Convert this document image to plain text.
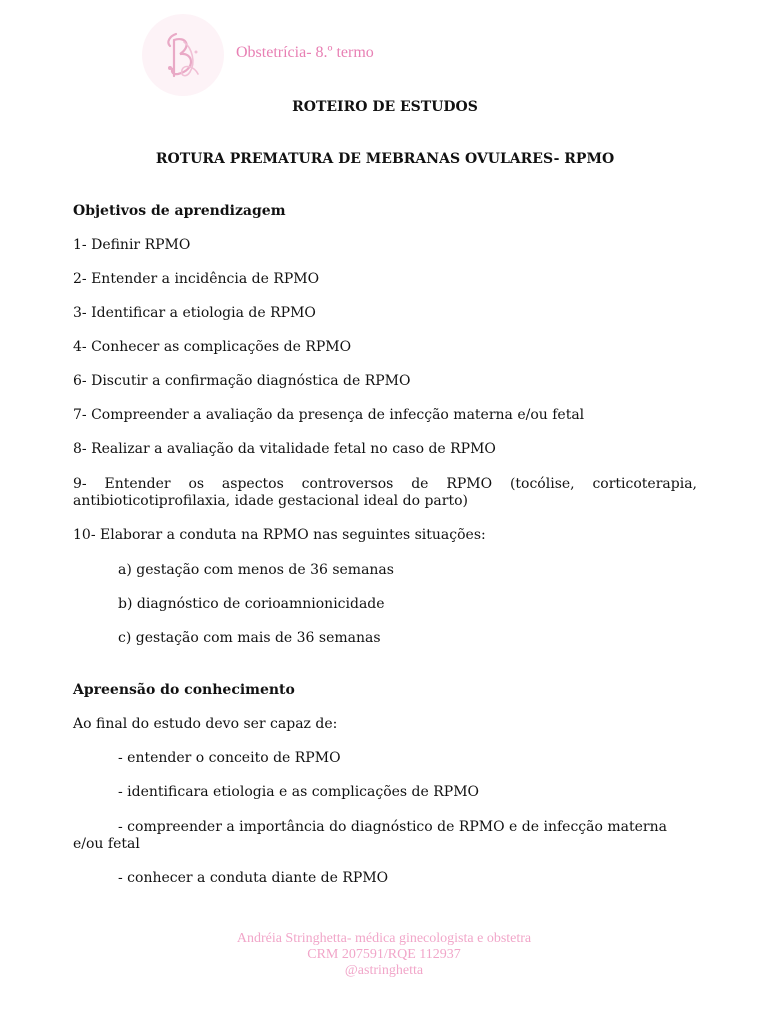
Obstetrícia- 8.º termo
ROTEIRO DE ESTUDOS
ROTURA PREMATURA DE MEBRANAS OVULARES- RPMO
Objetivos de aprendizagem
1- Definir RPMO
2- Entender a incidência de RPMO
3- Identificar a etiologia de RPMO
4- Conhecer as complicações de RPMO
6- Discutir a confirmação diagnóstica de RPMO
7- Compreender a avaliação da presença de infecção materna e/ou fetal
8- Realizar a avaliação da vitalidade fetal no caso de RPMO
9- Entender os aspectos controversos de RPMO (tocólise, corticoterapia,
antibioticotiprofilaxia, idade gestacional ideal do parto)
10- Elaborar a conduta na RPMO nas seguintes situações:
a) gestação com menos de 36 semanas
b) diagnóstico de corioamnionicidade
c) gestação com mais de 36 semanas
Apreensão do conhecimento
Ao final do estudo devo ser capaz de:
- entender o conceito de RPMO
- identificara etiologia e as complicações de RPMO
- compreender a importância do diagnóstico de RPMO e de infecção materna
e/ou fetal
- conhecer a conduta diante de RPMO
Andréia Stringhetta- médica ginecologista e obstetra
CRM 207591/RQE 112937
@astringhetta
